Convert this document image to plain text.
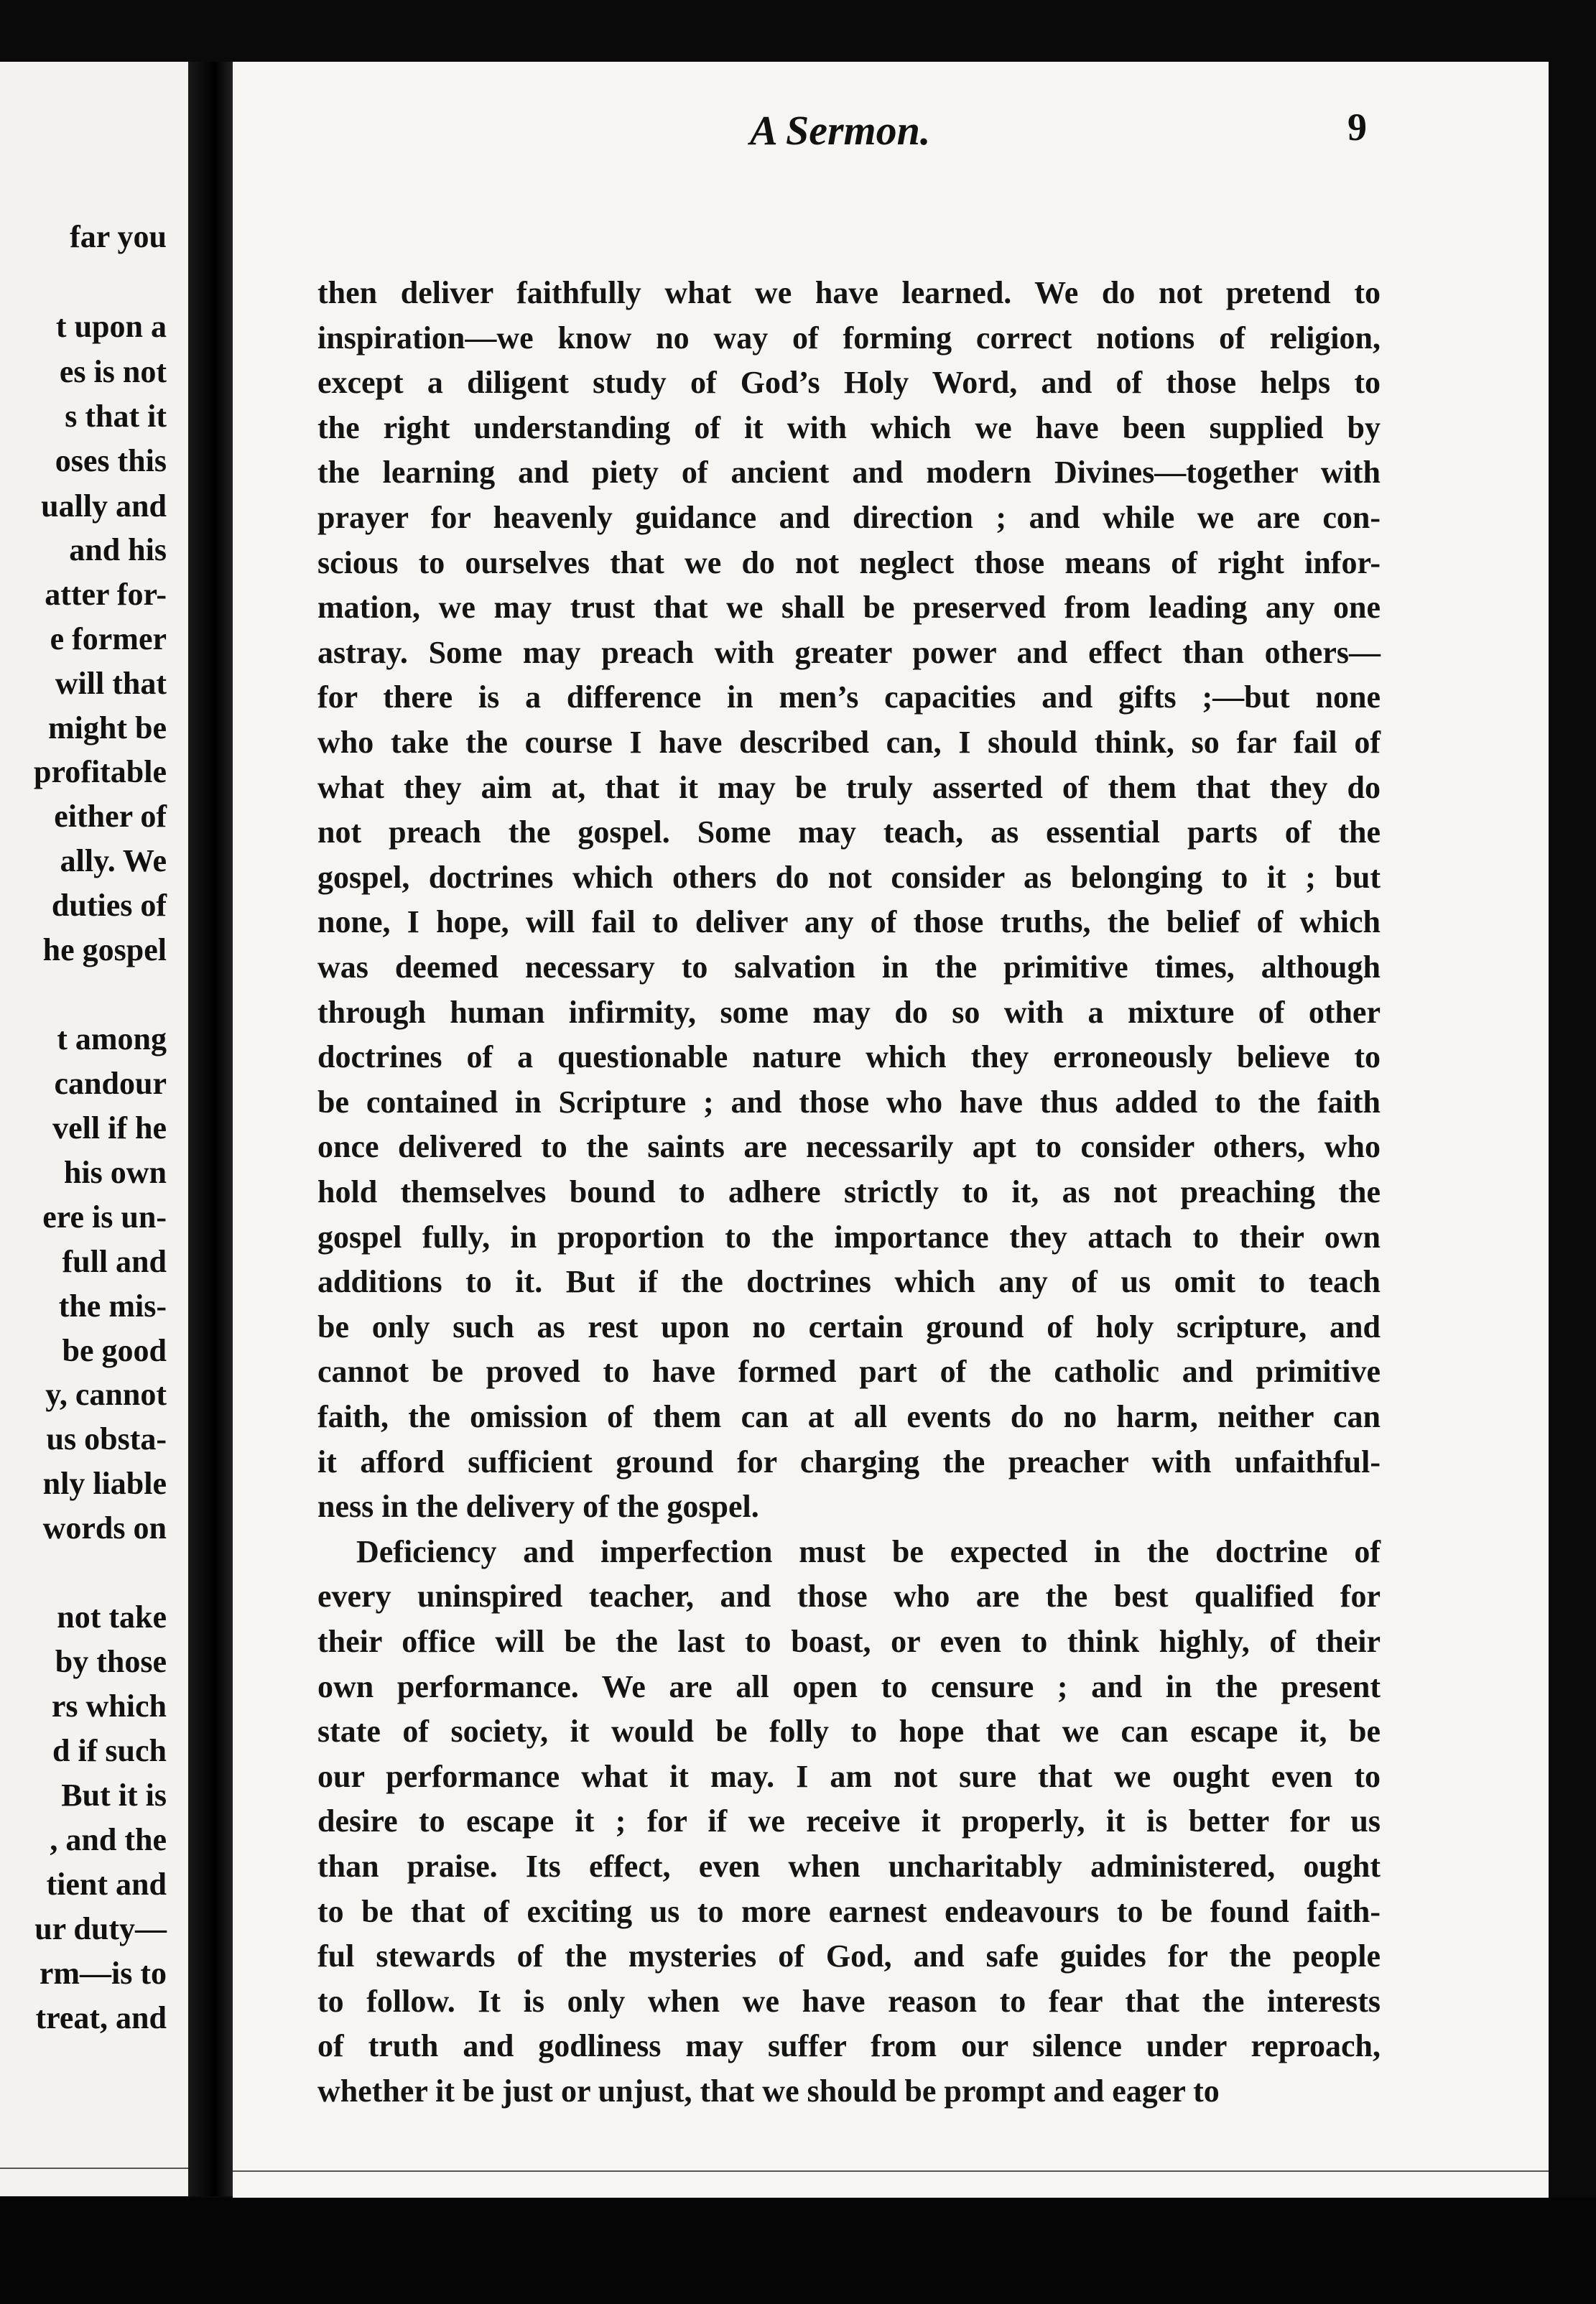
far you
t upon a
es is not
s that it
oses this
ually and
and his
atter for-
e former
will that
might be
profitable
either of
ally. We
duties of
he gospel
t among
candour
vell if he
his own
ere is un-
full and
the mis-
be good
y, cannot
us obsta-
nly liable
words on
not take
by those
rs which
d if such
But it is
, and the
tient and
ur duty—
rm—is to
treat, and
A Sermon.	9
then deliver faithfully what we have learned. We do not pretend to
inspiration—we know no way of forming correct notions of religion,
except a diligent study of God’s Holy Word, and of those helps to
the right understanding of it with which we have been supplied by
the learning and piety of ancient and modern Divines—together with
prayer for heavenly guidance and direction ; and while we are con-
scious to ourselves that we do not neglect those means of right infor-
mation, we may trust that we shall be preserved from leading any one
astray. Some may preach with greater power and effect than others—
for there is a difference in men’s capacities and gifts ;—but none
who take the course I have described can, I should think, so far fail of
what they aim at, that it may be truly asserted of them that they do
not preach the gospel. Some may teach, as essential parts of the
gospel, doctrines which others do not consider as belonging to it ; but
none, I hope, will fail to deliver any of those truths, the belief of which
was deemed necessary to salvation in the primitive times, although
through human infirmity, some may do so with a mixture of other
doctrines of a questionable nature which they erroneously believe to
be contained in Scripture ; and those who have thus added to the faith
once delivered to the saints are necessarily apt to consider others, who
hold themselves bound to adhere strictly to it, as not preaching the
gospel fully, in proportion to the importance they attach to their own
additions to it. But if the doctrines which any of us omit to teach
be only such as rest upon no certain ground of holy scripture, and
cannot be proved to have formed part of the catholic and primitive
faith, the omission of them can at all events do no harm, neither can
it afford sufficient ground for charging the preacher with unfaithful-
ness in the delivery of the gospel.
Deficiency and imperfection must be expected in the doctrine of
every uninspired teacher, and those who are the best qualified for
their office will be the last to boast, or even to think highly, of their
own performance. We are all open to censure ; and in the present
state of society, it would be folly to hope that we can escape it, be
our performance what it may. I am not sure that we ought even to
desire to escape it ; for if we receive it properly, it is better for us
than praise. Its effect, even when uncharitably administered, ought
to be that of exciting us to more earnest endeavours to be found faith-
ful stewards of the mysteries of God, and safe guides for the people
to follow. It is only when we have reason to fear that the interests
of truth and godliness may suffer from our silence under reproach,
whether it be just or unjust, that we should be prompt and eager to
